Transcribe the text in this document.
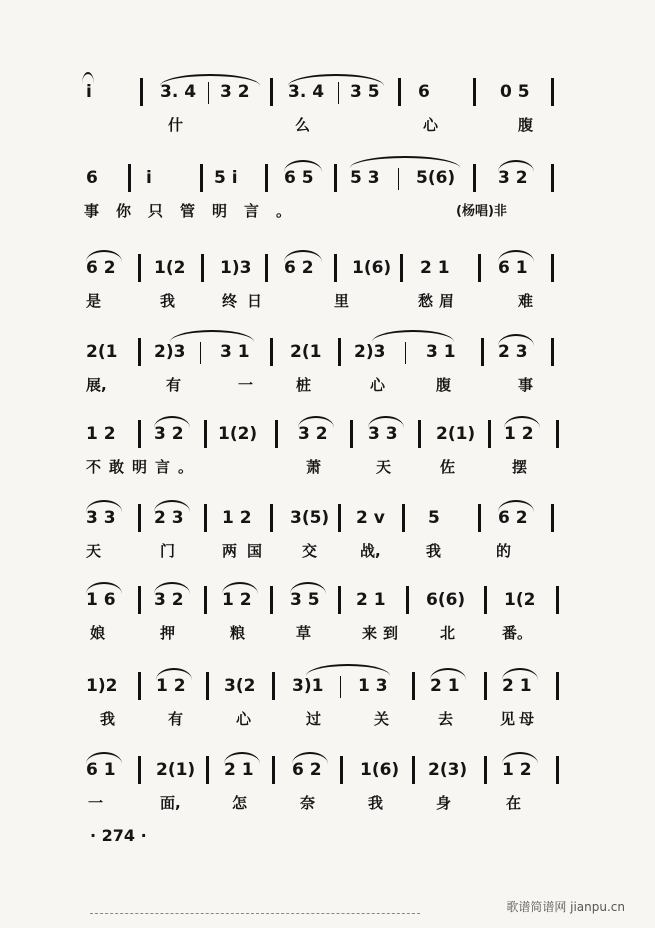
i	3. 4 3 2 3. 4 3 5 6	0 5
什	么	心	腹
6	i	5 i	6 5 5 3 5(6)	3 2
事你只管明言。	(杨唱)非
6 2 1(2 1)3 6 2 1(6) 2 1	6 1
是	我	终日	里	愁眉	难
2(1 2)3 3 1 2(1 2)3 3 1 2 3
展,	有	一	桩	心	腹	事
1 2 3 2 1(2) 3 2 3 3 2(1) 1 2
不敢明言。	萧	天	佐	摆
3 3 2 3 1 2 3(5) 2 v	5	6 2
天	门	两国 交	战,	我	的
1 6 3 2 1 2 3 5 2 1 6(6) 1(2
娘	押	粮	草	来到 北	番。
1)2 1 2 3(2 3)1 1 3 2 1 2 1
我	有	心	过	关	去	见母
6 1 2(1) 2 1 6 2 1(6) 2(3) 1 2
一	面,	怎	奈	我	身	在
· 274 ·
歌谱简谱网 jianpu.cn
